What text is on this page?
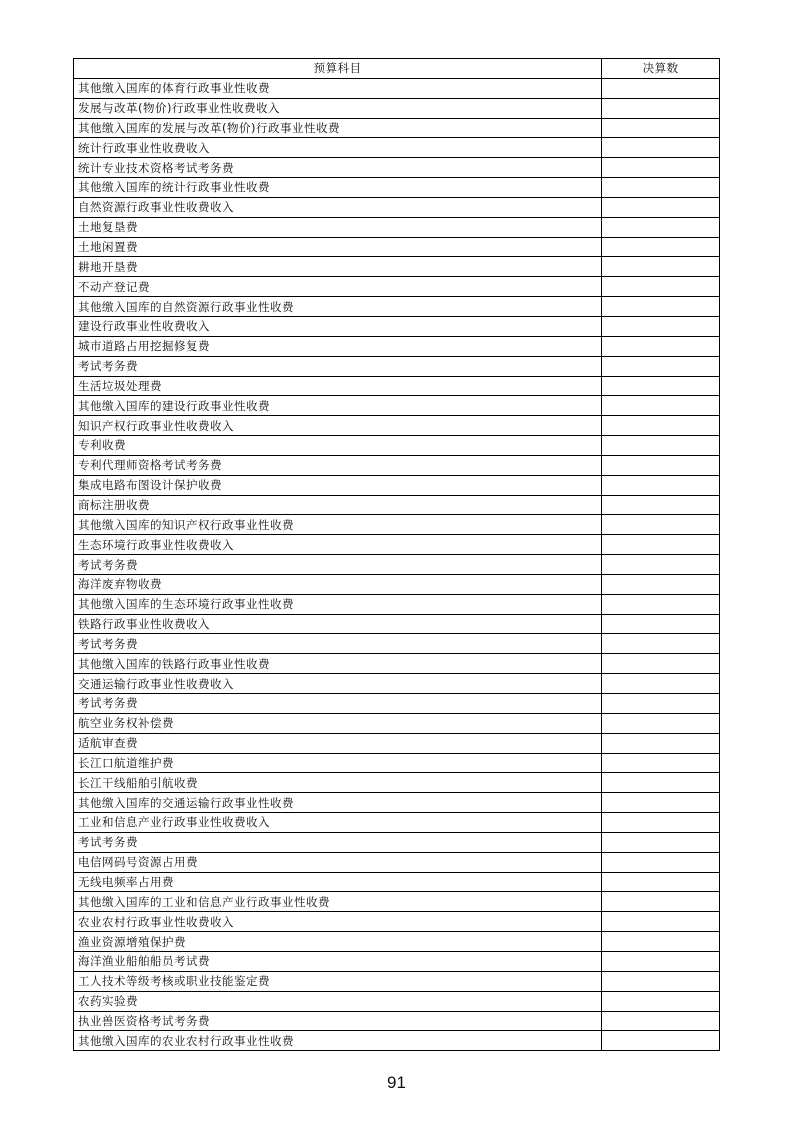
预算科目	决算数
其他缴入国库的体育行政事业性收费	
发展与改革(物价)行政事业性收费收入	
其他缴入国库的发展与改革(物价)行政事业性收费	
统计行政事业性收费收入	
统计专业技术资格考试考务费	
其他缴入国库的统计行政事业性收费	
自然资源行政事业性收费收入	
土地复垦费	
土地闲置费	
耕地开垦费	
不动产登记费	
其他缴入国库的自然资源行政事业性收费	
建设行政事业性收费收入	
城市道路占用挖掘修复费	
考试考务费	
生活垃圾处理费	
其他缴入国库的建设行政事业性收费	
知识产权行政事业性收费收入	
专利收费	
专利代理师资格考试考务费	
集成电路布图设计保护收费	
商标注册收费	
其他缴入国库的知识产权行政事业性收费	
生态环境行政事业性收费收入	
考试考务费	
海洋废弃物收费	
其他缴入国库的生态环境行政事业性收费	
铁路行政事业性收费收入	
考试考务费	
其他缴入国库的铁路行政事业性收费	
交通运输行政事业性收费收入	
考试考务费	
航空业务权补偿费	
适航审查费	
长江口航道维护费	
长江干线船舶引航收费	
其他缴入国库的交通运输行政事业性收费	
工业和信息产业行政事业性收费收入	
考试考务费	
电信网码号资源占用费	
无线电频率占用费	
其他缴入国库的工业和信息产业行政事业性收费	
农业农村行政事业性收费收入	
渔业资源增殖保护费	
海洋渔业船舶船员考试费	
工人技术等级考核或职业技能鉴定费	
农药实验费	
执业兽医资格考试考务费	
其他缴入国库的农业农村行政事业性收费	
91
